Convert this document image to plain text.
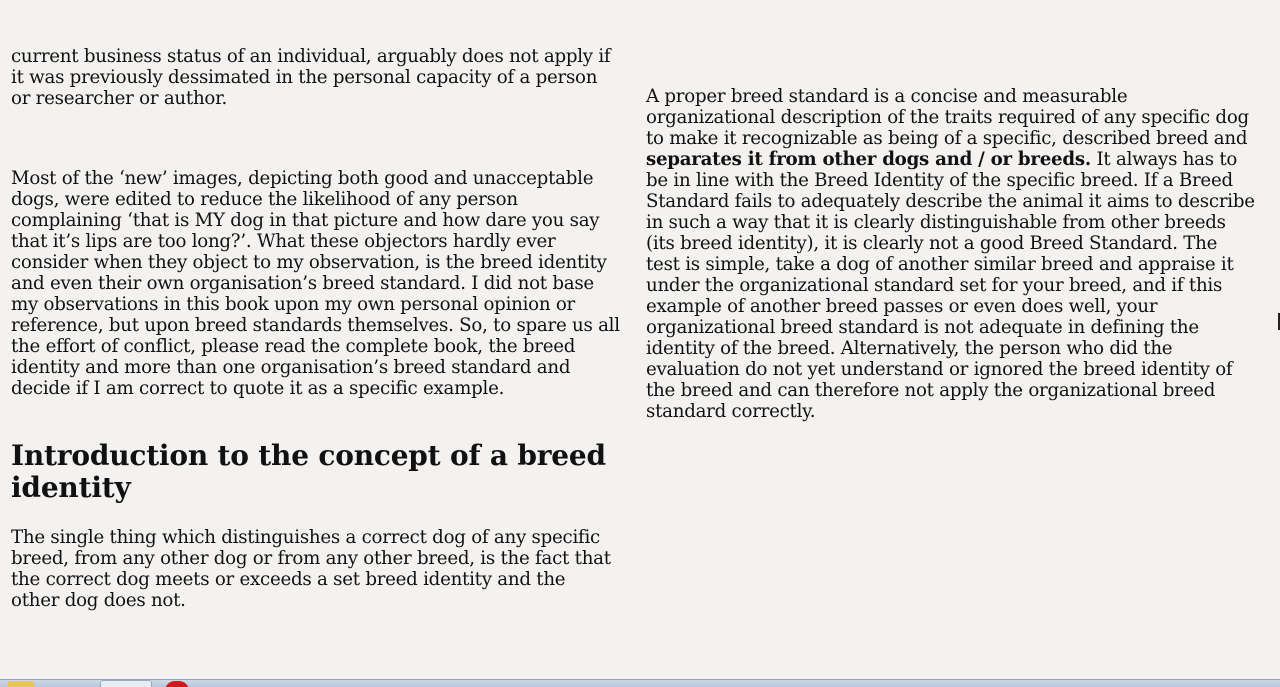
current business status of an individual, arguably does not apply if it was previously dessimated in the personal capacity of a person or researcher or author.

Most of the ‘new’ images, depicting both good and unacceptable dogs, were edited to reduce the likelihood of any person complaining ‘that is MY dog in that picture and how dare you say that it’s lips are too long?’. What these objectors hardly ever consider when they object to my observation, is the breed identity and even their own organisation’s breed standard. I did not base my observations in this book upon my own personal opinion or reference, but upon breed standards themselves. So, to spare us all the effort of conflict, please read the complete book, the breed identity and more than one organisation’s breed standard and decide if I am correct to quote it as a specific example.

Introduction to the concept of a breed identity

The single thing which distinguishes a correct dog of any specific breed, from any other dog or from any other breed, is the fact that the correct dog meets or exceeds a set breed identity and the other dog does not.

A proper breed standard is a concise and measurable organizational description of the traits required of any specific dog to make it recognizable as being of a specific, described breed and separates it from other dogs and / or breeds. It always has to be in line with the Breed Identity of the specific breed. If a Breed Standard fails to adequately describe the animal it aims to describe in such a way that it is clearly distinguishable from other breeds (its breed identity), it is clearly not a good Breed Standard. The test is simple, take a dog of another similar breed and appraise it under the organizational standard set for your breed, and if this example of another breed passes or even does well, your organizational breed standard is not adequate in defining the identity of the breed. Alternatively, the person who did the evaluation do not yet understand or ignored the breed identity of the breed and can therefore not apply the organizational breed standard correctly.
